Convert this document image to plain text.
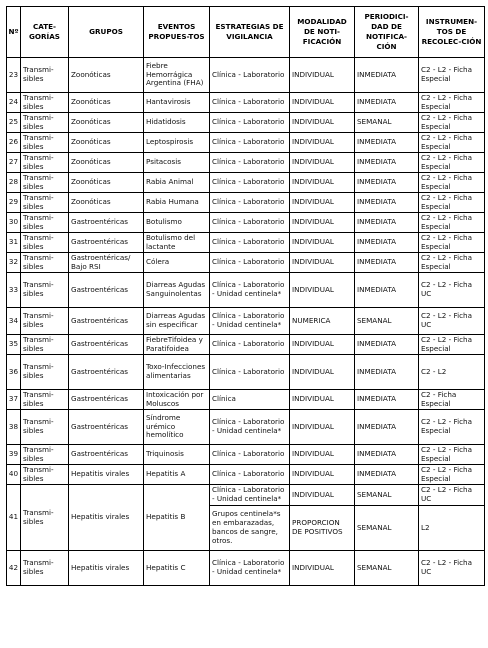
Nº	CATE-GORÍAS	GRUPOS	EVENTOS PROPUES-TOS	ESTRATEGIAS DE VIGILANCIA	MODALIDAD DE NOTI-FICACIÓN	PERIODICI-DAD DE NOTIFICA-CIÓN	INSTRUMEN-TOS DE RECOLEC-CIÓN
23	Transmi-sibles	Zoonóticas	Fiebre Hemorrágica Argentina (FHA)	Clínica - Laboratorio	INDIVIDUAL	INMEDIATA	C2 - L2 - Ficha Especial
24	Transmi-sibles	Zoonóticas	Hantavirosis	Clínica - Laboratorio	INDIVIDUAL	INMEDIATA	C2 - L2 - Ficha Especial
25	Transmi-sibles	Zoonóticas	Hidatidosis	Clínica - Laboratorio	INDIVIDUAL	SEMANAL	C2 - L2 - Ficha Especial
26	Transmi-sibles	Zoonóticas	Leptospirosis	Clínica - Laboratorio	INDIVIDUAL	INMEDIATA	C2 - L2 - Ficha Especial
27	Transmi-sibles	Zoonóticas	Psitacosis	Clínica - Laboratorio	INDIVIDUAL	INMEDIATA	C2 - L2 - Ficha Especial
28	Transmi-sibles	Zoonóticas	Rabia Animal	Clínica - Laboratorio	INDIVIDUAL	INMEDIATA	C2 - L2 - Ficha Especial
29	Transmi-sibles	Zoonóticas	Rabia Humana	Clínica - Laboratorio	INDIVIDUAL	INMEDIATA	C2 - L2 - Ficha Especial
30	Transmi-sibles	Gastroentéricas	Botulismo	Clínica - Laboratorio	INDIVIDUAL	INMEDIATA	C2 - L2 - Ficha Especial
31	Transmi-sibles	Gastroentéricas	Botulismo del lactante	Clínica - Laboratorio	INDIVIDUAL	INMEDIATA	C2 - L2 - Ficha Especial
32	Transmi-sibles	Gastroentéricas/ Bajo RSI	Cólera	Clínica - Laboratorio	INDIVIDUAL	INMEDIATA	C2 - L2 - Ficha Especial
33	Transmi-sibles	Gastroentéricas	Diarreas Agudas Sanguinolentas	Clínica - Laboratorio - Unidad centinela*	INDIVIDUAL	INMEDIATA	C2 - L2 - Ficha UC
34	Transmi-sibles	Gastroentéricas	Diarreas Agudas sin especificar	Clínica - Laboratorio - Unidad centinela*	NUMERICA	SEMANAL	C2 - L2 - Ficha UC
35	Transmi-sibles	Gastroentéricas	FiebreTifoidea y Paratifoidea	Clínica - Laboratorio	INDIVIDUAL	INMEDIATA	C2 - L2 - Ficha Especial
36	Transmi-sibles	Gastroentéricas	Toxo-Infecciones alimentarias	Clínica - Laboratorio	INDIVIDUAL	INMEDIATA	C2 - L2
37	Transmi-sibles	Gastroentéricas	Intoxicación por Moluscos	Clínica	INDIVIDUAL	INMEDIATA	C2 - Ficha Especial
38	Transmi-sibles	Gastroentéricas	Síndrome urémico hemolítico	Clínica - Laboratorio - Unidad centinela*	INDIVIDUAL	INMEDIATA	C2 - L2 - Ficha Especial
39	Transmi-sibles	Gastroentéricas	Triquinosis	Clínica - Laboratorio	INDIVIDUAL	INMEDIATA	C2 - L2 - Ficha Especial
40	Transmi-sibles	Hepatitis virales	Hepatitis A	Clínica - Laboratorio	INDIVIDUAL	INMEDIATA	C2 - L2 - Ficha Especial
41	Transmi-sibles	Hepatitis virales	Hepatitis B	Clínica - Laboratorio - Unidad centinela*	INDIVIDUAL	SEMANAL	C2 - L2 - Ficha UC
				Grupos centinela*s en embarazadas, bancos de sangre, otros.	PROPORCION DE POSITIVOS	SEMANAL	L2
42	Transmi-sibles	Hepatitis virales	Hepatitis C	Clínica - Laboratorio - Unidad centinela*	INDIVIDUAL	SEMANAL	C2 - L2 - Ficha UC
